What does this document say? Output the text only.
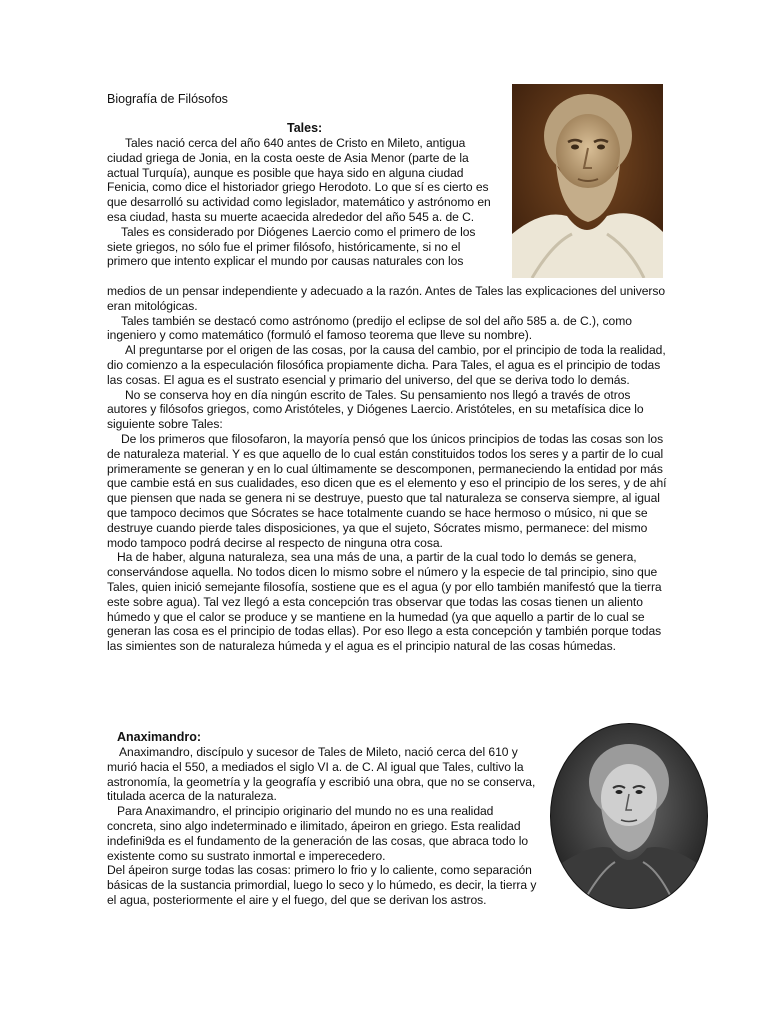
Biografía de Filósofos
Tales:

Tales nació cerca del año 640 antes de Cristo en Mileto, antigua ciudad griega de Jonia, en la costa oeste de Asia Menor (parte de la actual Turquía), aunque es posible que haya sido en alguna ciudad Fenicia, como dice el historiador griego Herodoto. Lo que sí es cierto es que desarrolló su actividad como legislador, matemático y astrónomo en esa ciudad, hasta su muerte acaecida alrededor del año 545 a. de C.

Tales es considerado por Diógenes Laercio como el primero de los siete griegos, no sólo fue el primer filósofo, históricamente, si no el primero que intento explicar el mundo por causas naturales con los

medios de un pensar independiente y adecuado a la razón. Antes de Tales las explicaciones del universo eran mitológicas.

Tales también se destacó como astrónomo (predijo el eclipse de sol del año 585 a. de C.), como ingeniero y como matemático (formuló el famoso teorema que lleve su nombre).

Al preguntarse por el origen de las cosas, por la causa del cambio, por el principio de toda la realidad, dio comienzo a la especulación filosófica propiamente dicha. Para Tales, el agua es el principio de todas las cosas. El agua es el sustrato esencial y primario del universo, del que se deriva todo lo demás.

No se conserva hoy en día ningún escrito de Tales. Su pensamiento nos llegó a través de otros autores y filósofos griegos, como Aristóteles, y Diógenes Laercio. Aristóteles, en su metafísica dice lo siguiente sobre Tales:

De los primeros que filosofaron, la mayoría pensó que los únicos principios de todas las cosas son los de naturaleza material. Y es que aquello de lo cual están constituidos todos los seres y a partir de lo cual primeramente se generan y en lo cual últimamente se descomponen, permaneciendo la entidad por más que cambie está en sus cualidades, eso dicen que es el elemento y eso el principio de los seres, y de ahí que piensen que nada se genera ni se destruye, puesto que tal naturaleza se conserva siempre, al igual que tampoco decimos que Sócrates se hace totalmente cuando se hace hermoso o músico, ni que se destruye cuando pierde tales disposiciones, ya que el sujeto, Sócrates mismo, permanece: del mismo modo tampoco podrá decirse al respecto de ninguna otra cosa.

Ha de haber, alguna naturaleza, sea una más de una, a partir de la cual todo lo demás se genera, conservándose aquella. No todos dicen lo mismo sobre el número y la especie de tal principio, sino que Tales, quien inició semejante filosofía, sostiene que es el agua (y por ello también manifestó que la tierra este sobre agua). Tal vez llegó a esta concepción tras observar que todas las cosas tienen un aliento húmedo y que el calor se produce y se mantiene en la humedad (ya que aquello a partir de lo cual se generan las cosa es el principio de todas ellas). Por eso llego a esta concepción y también porque todas las simientes son de naturaleza húmeda y el agua es el principio natural de las cosas húmedas.

Anaximandro:

Anaximandro, discípulo y sucesor de Tales de Mileto, nació cerca del 610 y murió hacia el 550, a mediados el siglo VI a. de C. Al igual que Tales, cultivo la astronomía, la geometría y la geografía y escribió una obra, que no se conserva, titulada acerca de la naturaleza.

Para Anaximandro, el principio originario del mundo no es una realidad concreta, sino algo indeterminado e ilimitado, ápeiron en griego. Esta realidad indefini9da es el fundamento de la generación de las cosas, que abraca todo lo existente como su sustrato inmortal e imperecedero.

Del ápeiron surge todas las cosas: primero lo frio y lo caliente, como separación básicas de la sustancia primordial, luego lo seco y lo húmedo, es decir, la tierra y el agua, posteriormente el aire y el fuego, del que se derivan los astros.
